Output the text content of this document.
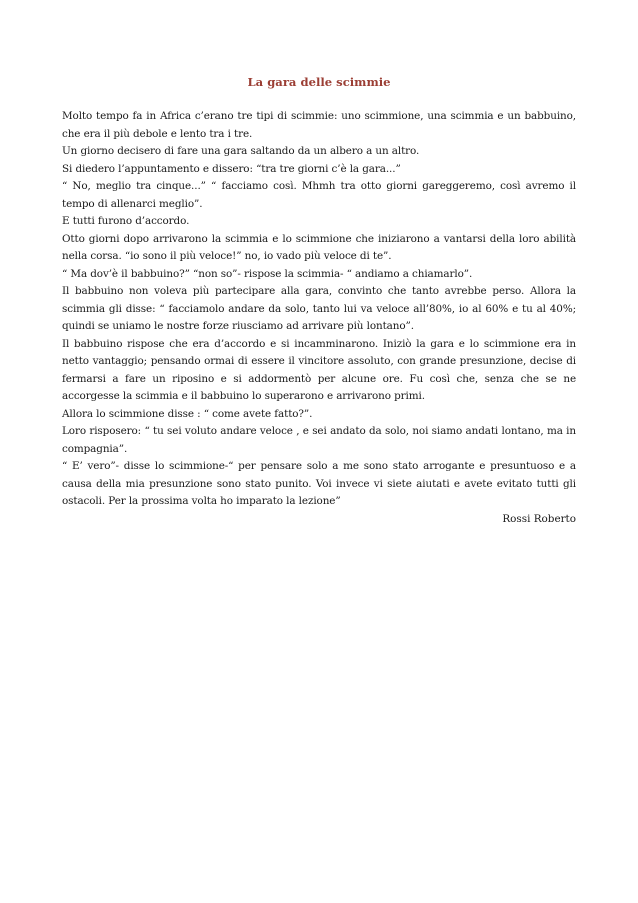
La gara delle scimmie

Molto tempo fa in Africa c’erano tre tipi di scimmie: uno scimmione, una scimmia e un babbuino, che era il più debole e lento tra i tre.

Un giorno decisero di fare una gara saltando da un albero a un altro.

Si diedero l’appuntamento e dissero: “tra tre giorni c’è la gara...”

“ No, meglio tra cinque...” “ facciamo così. Mhmh tra otto giorni gareggeremo, così avremo il tempo di allenarci meglio”.

E tutti furono d’accordo.

Otto giorni dopo arrivarono la scimmia e lo scimmione che iniziarono a vantarsi della loro abilità nella corsa. “io sono il più veloce!” no, io vado più veloce di te”.

“ Ma dov’è il babbuino?” “non so”- rispose la scimmia- “ andiamo a chiamarlo”.

Il babbuino non voleva più partecipare alla gara, convinto che tanto avrebbe perso. Allora la scimmia gli disse: “ facciamolo andare da solo, tanto lui va veloce all’80%, io al 60% e tu al 40%; quindi se uniamo le nostre forze riusciamo ad arrivare più lontano”.

Il babbuino rispose che era d’accordo e si incamminarono. Iniziò la gara e lo scimmione era in netto vantaggio; pensando ormai di essere il vincitore assoluto, con grande presunzione, decise di fermarsi a fare un riposino e si addormentò per alcune ore. Fu così che, senza che se ne accorgesse la scimmia e il babbuino lo superarono e arrivarono primi.

Allora lo scimmione disse : “ come avete fatto?”.

Loro risposero: “ tu sei voluto andare veloce , e sei andato da solo, noi siamo andati lontano, ma in compagnia”.

“ E’ vero”- disse lo scimmione-“ per pensare solo a me sono stato arrogante e presuntuoso e a causa della mia presunzione sono stato punito. Voi invece vi siete aiutati e avete evitato tutti gli ostacoli. Per la prossima volta ho imparato la lezione”

Rossi Roberto
